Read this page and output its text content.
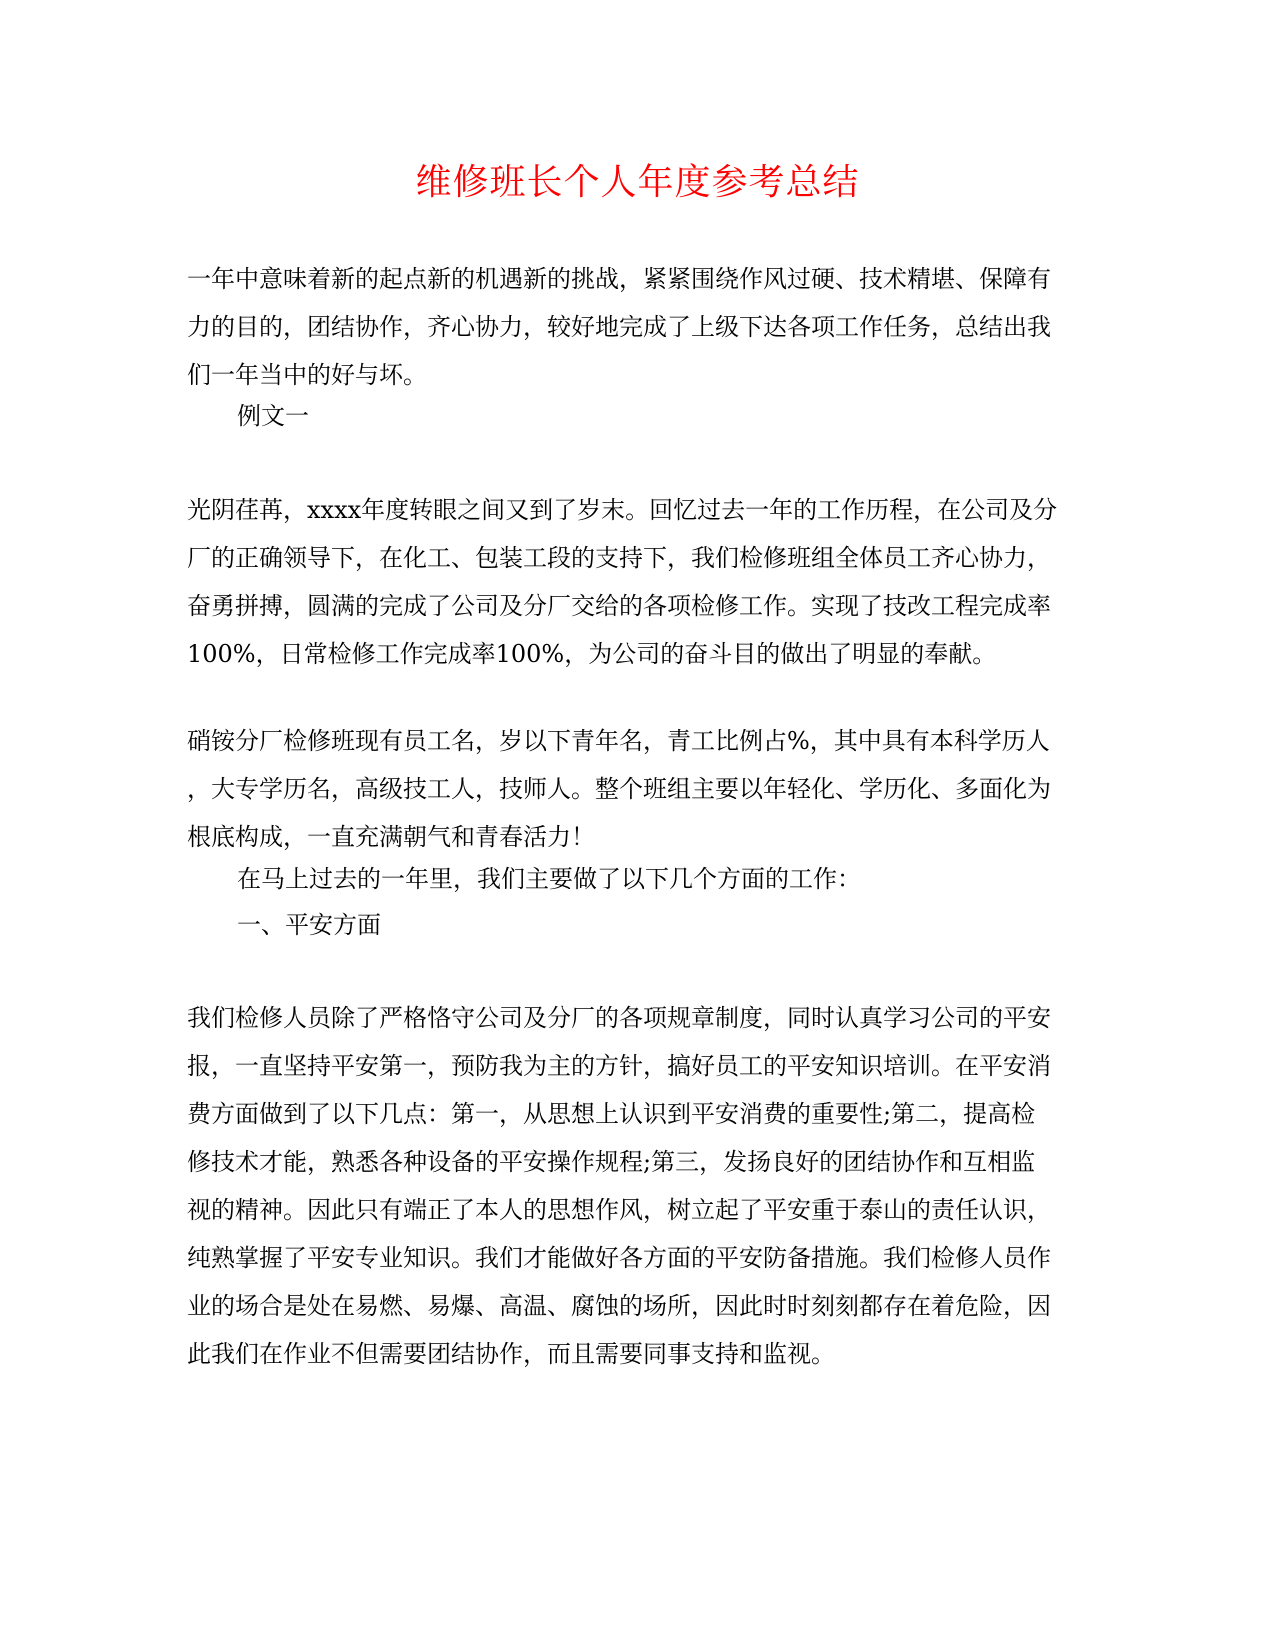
维修班长个人年度参考总结
一年中意味着新的起点新的机遇新的挑战，紧紧围绕作风过硬、技术精堪、保障有
力的目的，团结协作，齐心协力，较好地完成了上级下达各项工作任务，总结出我
们一年当中的好与坏。
例文一
光阴荏苒，xxxx年度转眼之间又到了岁末。回忆过去一年的工作历程，在公司及分
厂的正确领导下，在化工、包装工段的支持下，我们检修班组全体员工齐心协力，
奋勇拼搏，圆满的完成了公司及分厂交给的各项检修工作。实现了技改工程完成率
100%，日常检修工作完成率100%，为公司的奋斗目的做出了明显的奉献。
硝铵分厂检修班现有员工名，岁以下青年名，青工比例占%，其中具有本科学历人
，大专学历名，高级技工人，技师人。整个班组主要以年轻化、学历化、多面化为
根底构成，一直充满朝气和青春活力！
在马上过去的一年里，我们主要做了以下几个方面的工作：
一、平安方面
我们检修人员除了严格恪守公司及分厂的各项规章制度，同时认真学习公司的平安
报，一直坚持平安第一，预防我为主的方针，搞好员工的平安知识培训。在平安消
费方面做到了以下几点：第一，从思想上认识到平安消费的重要性;第二，提高检
修技术才能，熟悉各种设备的平安操作规程;第三，发扬良好的团结协作和互相监
视的精神。因此只有端正了本人的思想作风，树立起了平安重于泰山的责任认识，
纯熟掌握了平安专业知识。我们才能做好各方面的平安防备措施。我们检修人员作
业的场合是处在易燃、易爆、高温、腐蚀的场所，因此时时刻刻都存在着危险，因
此我们在作业不但需要团结协作，而且需要同事支持和监视。
